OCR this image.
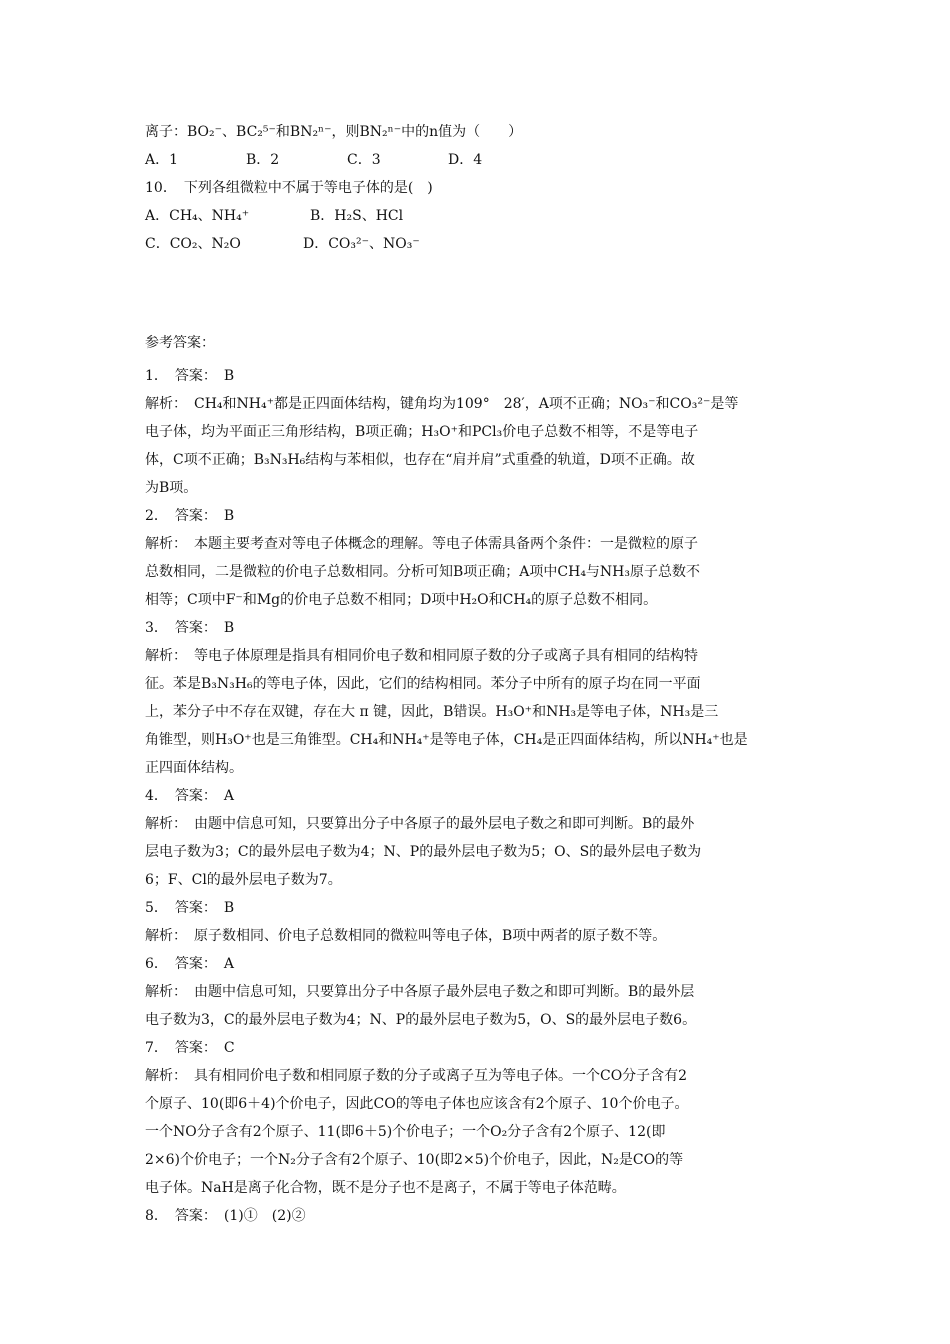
离子：BO₂⁻、BC₂⁵⁻和BN₂ⁿ⁻，则BN₂ⁿ⁻中的n值为（　　）
A．1	B．2	C．3	D．4
10．　下列各组微粒中不属于等电子体的是(　)
A．CH₄、NH₄⁺	B．H₂S、HCl
C．CO₂、N₂O	D．CO₃²⁻、NO₃⁻
参考答案：
1．　答案：　B
解析：　CH₄和NH₄⁺都是正四面体结构，键角均为109°　28′，A项不正确；NO₃⁻和CO₃²⁻是等
电子体，均为平面正三角形结构，B项正确；H₃O⁺和PCl₃价电子总数不相等，不是等电子
体，C项不正确；B₃N₃H₆结构与苯相似，也存在“肩并肩”式重叠的轨道，D项不正确。故
为B项。
2．　答案：　B
解析：　本题主要考查对等电子体概念的理解。等电子体需具备两个条件：一是微粒的原子
总数相同，二是微粒的价电子总数相同。分析可知B项正确；A项中CH₄与NH₃原子总数不
相等；C项中F⁻和Mg的价电子总数不相同；D项中H₂O和CH₄的原子总数不相同。
3．　答案：　B
解析：　等电子体原理是指具有相同价电子数和相同原子数的分子或离子具有相同的结构特
征。苯是B₃N₃H₆的等电子体，因此，它们的结构相同。苯分子中所有的原子均在同一平面
上，苯分子中不存在双键，存在大 π 键，因此，B错误。H₃O⁺和NH₃是等电子体，NH₃是三
角锥型，则H₃O⁺也是三角锥型。CH₄和NH₄⁺是等电子体，CH₄是正四面体结构，所以NH₄⁺也是
正四面体结构。
4．　答案：　A
解析：　由题中信息可知，只要算出分子中各原子的最外层电子数之和即可判断。B的最外
层电子数为3；C的最外层电子数为4；N、P的最外层电子数为5；O、S的最外层电子数为
6；F、Cl的最外层电子数为7。
5．　答案：　B
解析：　原子数相同、价电子总数相同的微粒叫等电子体，B项中两者的原子数不等。
6．　答案：　A
解析：　由题中信息可知，只要算出分子中各原子最外层电子数之和即可判断。B的最外层
电子数为3，C的最外层电子数为4；N、P的最外层电子数为5，O、S的最外层电子数6。
7．　答案：　C
解析：　具有相同价电子数和相同原子数的分子或离子互为等电子体。一个CO分子含有2
个原子、10(即6＋4)个价电子，因此CO的等电子体也应该含有2个原子、10个价电子。
一个NO分子含有2个原子、11(即6＋5)个价电子；一个O₂分子含有2个原子、12(即
2×6)个价电子；一个N₂分子含有2个原子、10(即2×5)个价电子，因此，N₂是CO的等
电子体。NaH是离子化合物，既不是分子也不是离子，不属于等电子体范畴。
8．　答案：　(1)①　(2)②
